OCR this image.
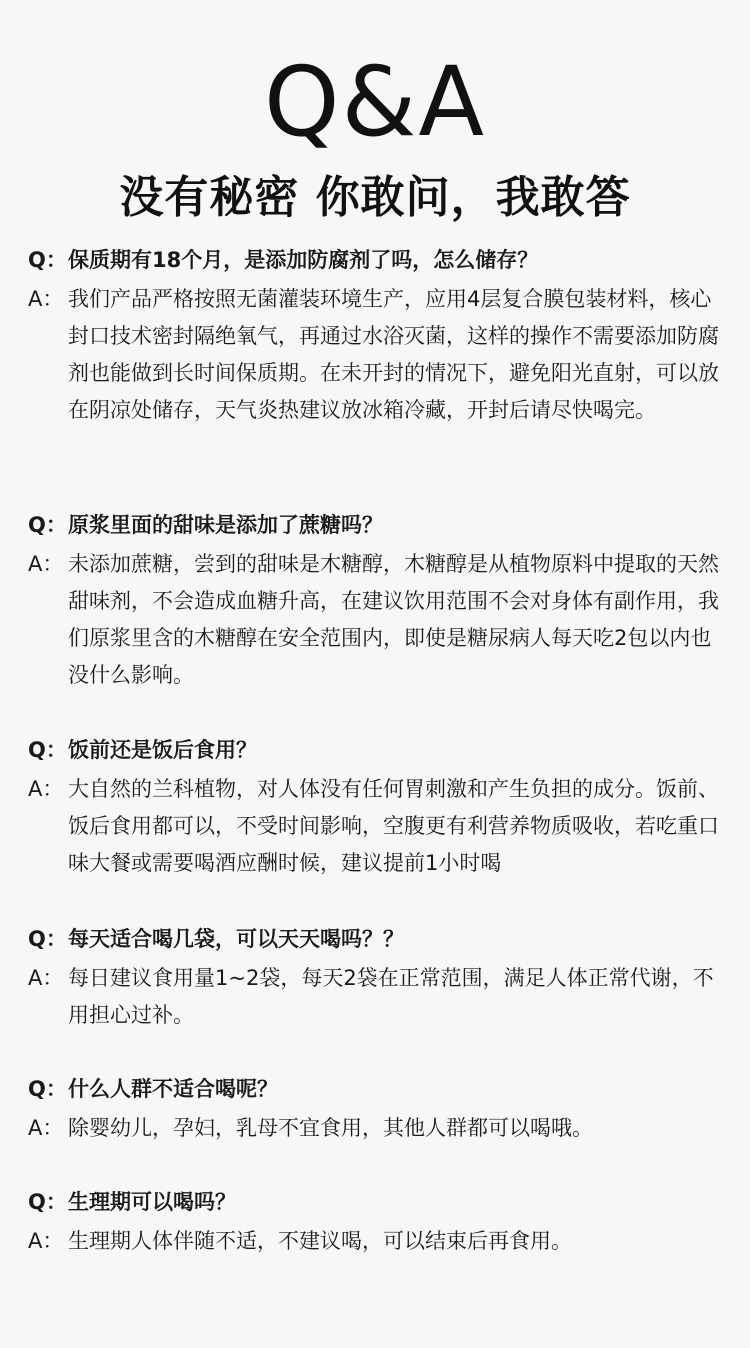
Q&A
没有秘密 你敢问，我敢答
Q： 保质期有18个月，是添加防腐剂了吗，怎么储存？
A： 我们产品严格按照无菌灌装环境生产，应用4层复合膜包装材料，核心封口技术密封隔绝氧气，再通过水浴灭菌，这样的操作不需要添加防腐剂也能做到长时间保质期。在未开封的情况下，避免阳光直射，可以放在阴凉处储存，天气炎热建议放冰箱冷藏，开封后请尽快喝完。
Q： 原浆里面的甜味是添加了蔗糖吗？
A： 未添加蔗糖，尝到的甜味是木糖醇，木糖醇是从植物原料中提取的天然甜味剂，不会造成血糖升高，在建议饮用范围不会对身体有副作用，我们原浆里含的木糖醇在安全范围内，即使是糖尿病人每天吃2包以内也没什么影响。
Q： 饭前还是饭后食用？
A： 大自然的兰科植物，对人体没有任何胃刺激和产生负担的成分。饭前、饭后食用都可以，不受时间影响，空腹更有利营养物质吸收，若吃重口味大餐或需要喝酒应酬时候，建议提前1小时喝
Q： 每天适合喝几袋，可以天天喝吗？？
A： 每日建议食用量1~2袋，每天2袋在正常范围，满足人体正常代谢，不用担心过补。
Q： 什么人群不适合喝呢？
A： 除婴幼儿，孕妇，乳母不宜食用，其他人群都可以喝哦。
Q： 生理期可以喝吗？
A： 生理期人体伴随不适，不建议喝，可以结束后再食用。
